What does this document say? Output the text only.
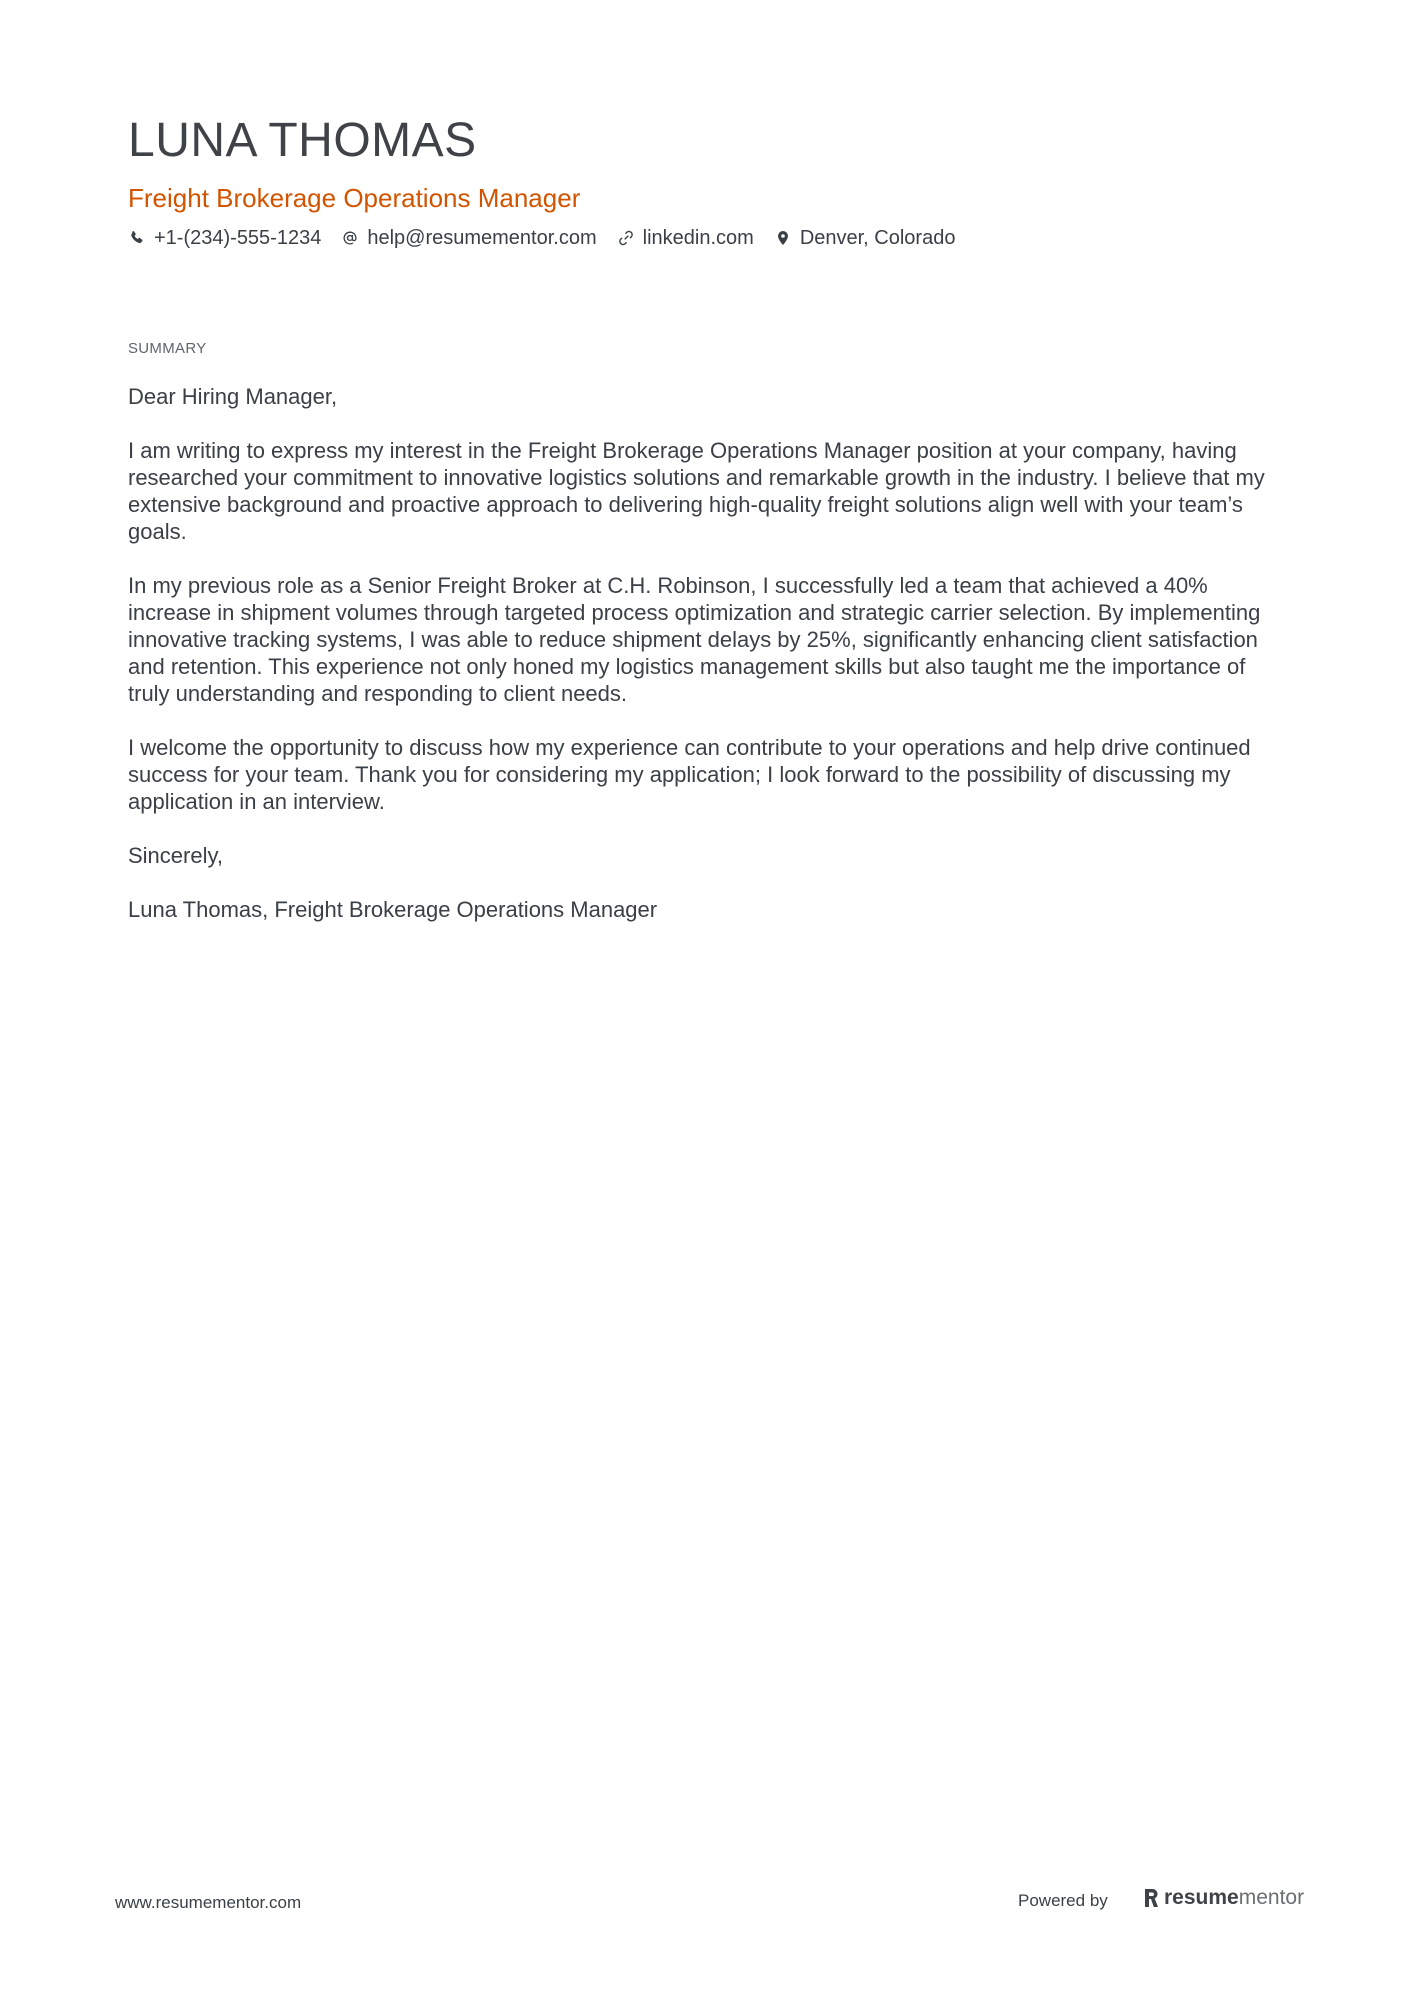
LUNA THOMAS
Freight Brokerage Operations Manager
+1-(234)-555-1234 help@resumementor.com linkedin.com Denver, Colorado
SUMMARY

Dear Hiring Manager,

I am writing to express my interest in the Freight Brokerage Operations Manager position at your company, having researched your commitment to innovative logistics solutions and remarkable growth in the industry. I believe that my extensive background and proactive approach to delivering high-quality freight solutions align well with your team’s goals.

In my previous role as a Senior Freight Broker at C.H. Robinson, I successfully led a team that achieved a 40% increase in shipment volumes through targeted process optimization and strategic carrier selection. By implementing innovative tracking systems, I was able to reduce shipment delays by 25%, significantly enhancing client satisfaction and retention. This experience not only honed my logistics management skills but also taught me the importance of truly understanding and responding to client needs.

I welcome the opportunity to discuss how my experience can contribute to your operations and help drive continued success for your team. Thank you for considering my application; I look forward to the possibility of discussing my application in an interview.

Sincerely,

Luna Thomas, Freight Brokerage Operations Manager

www.resumementor.com	Powered by	resume mentor
